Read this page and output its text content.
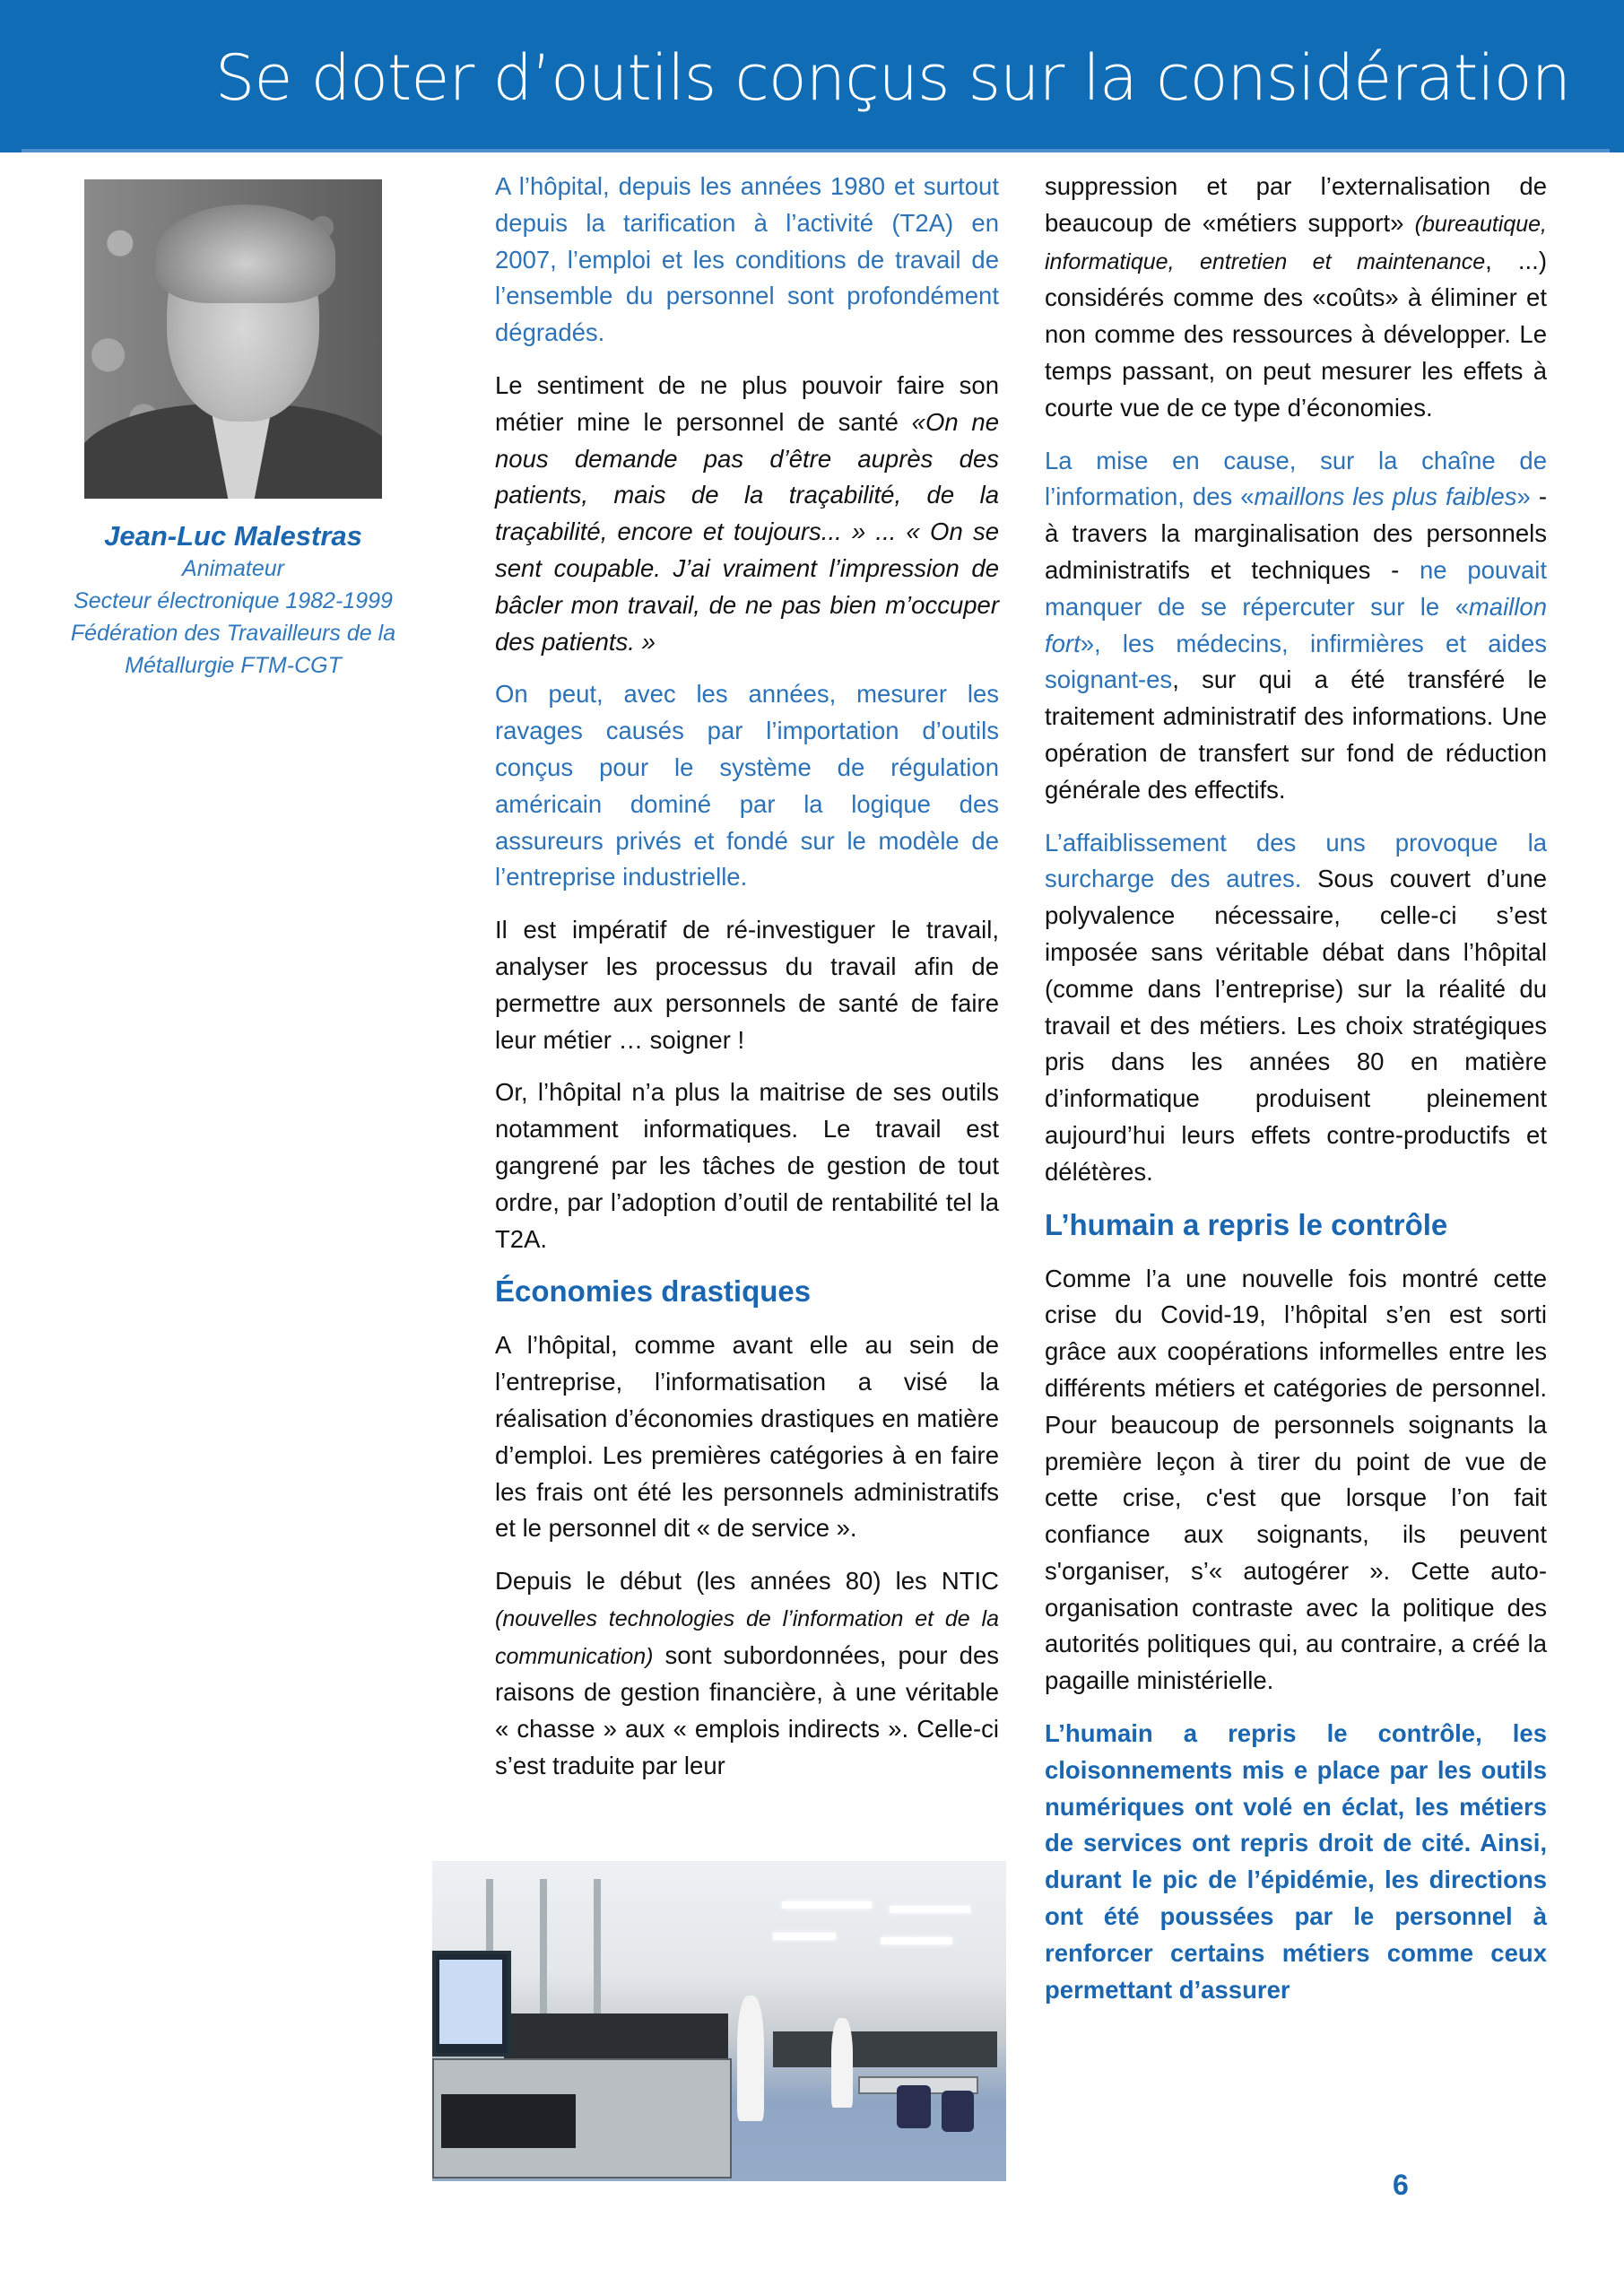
Se doter d’outils conçus sur la considération
Jean-Luc Malestras
Animateur
Secteur électronique 1982-1999
Fédération des Travailleurs de la
Métallurgie FTM-CGT

A l’hôpital, depuis les années 1980 et surtout depuis la tarification à l’activité (T2A) en 2007, l’emploi et les conditions de travail de l’ensemble du personnel sont profondément dégradés.

Le sentiment de ne plus pouvoir faire son métier mine le personnel de santé «On ne nous demande pas d’être auprès des patients, mais de la traçabilité, de la traçabilité, encore et toujours... » ... « On se sent coupable. J’ai vraiment l’impression de bâcler mon travail, de ne pas bien m’occuper des patients. »

On peut, avec les années, mesurer les ravages causés par l’importation d’outils conçus pour le système de régulation américain dominé par la logique des assureurs privés et fondé sur le modèle de l’entreprise industrielle.

Il est impératif de ré-investiguer le travail, analyser les processus du travail afin de permettre aux personnels de santé de faire leur métier … soigner !

Or, l’hôpital n’a plus la maitrise de ses outils notamment informatiques. Le travail est gangrené par les tâches de gestion de tout ordre, par l’adoption d’outil de rentabilité tel la T2A.

Économies drastiques

A l’hôpital, comme avant elle au sein de l’entreprise, l’informatisation a visé la réalisation d’économies drastiques en matière d’emploi. Les premières catégories à en faire les frais ont été les personnels administratifs et le personnel dit « de service ».

Depuis le début (les années 80) les NTIC (nouvelles technologies de l’information et de la communication) sont subordonnées, pour des raisons de gestion financière, à une véritable « chasse » aux « emplois indirects ». Celle-ci s’est traduite par leur

suppression et par l’externalisation de beaucoup de «métiers support» (bureautique, informatique, entretien et maintenance, ...) considérés comme des «coûts» à éliminer et non comme des ressources à développer. Le temps passant, on peut mesurer les effets à courte vue de ce type d’économies.

La mise en cause, sur la chaîne de l’information, des «maillons les plus faibles» - à travers la marginalisation des personnels administratifs et techniques - ne pouvait manquer de se répercuter sur le «maillon fort», les médecins, infirmières et aides soignant-es, sur qui a été transféré le traitement administratif des informations. Une opération de transfert sur fond de réduction générale des effectifs.

L’affaiblissement des uns provoque la surcharge des autres. Sous couvert d’une polyvalence nécessaire, celle-ci s’est imposée sans véritable débat dans l’hôpital (comme dans l’entreprise) sur la réalité du travail et des métiers. Les choix stratégiques pris dans les années 80 en matière d’informatique produisent pleinement aujourd’hui leurs effets contre-productifs et délétères.

L’humain a repris le contrôle

Comme l’a une nouvelle fois montré cette crise du Covid-19, l’hôpital s’en est sorti grâce aux coopérations informelles entre les différents métiers et catégories de personnel. Pour beaucoup de personnels soignants la première leçon à tirer du point de vue de cette crise, c'est que lorsque l’on fait confiance aux soignants, ils peuvent s'organiser, s’« autogérer ». Cette auto-organisation contraste avec la politique des autorités politiques qui, au contraire, a créé la pagaille ministérielle.

L’humain a repris le contrôle, les cloisonnements mis e place par les outils numériques ont volé en éclat, les métiers de services ont repris droit de cité. Ainsi, durant le pic de l’épidémie, les directions ont été poussées par le personnel à renforcer certains métiers comme ceux permettant d’assurer

6
